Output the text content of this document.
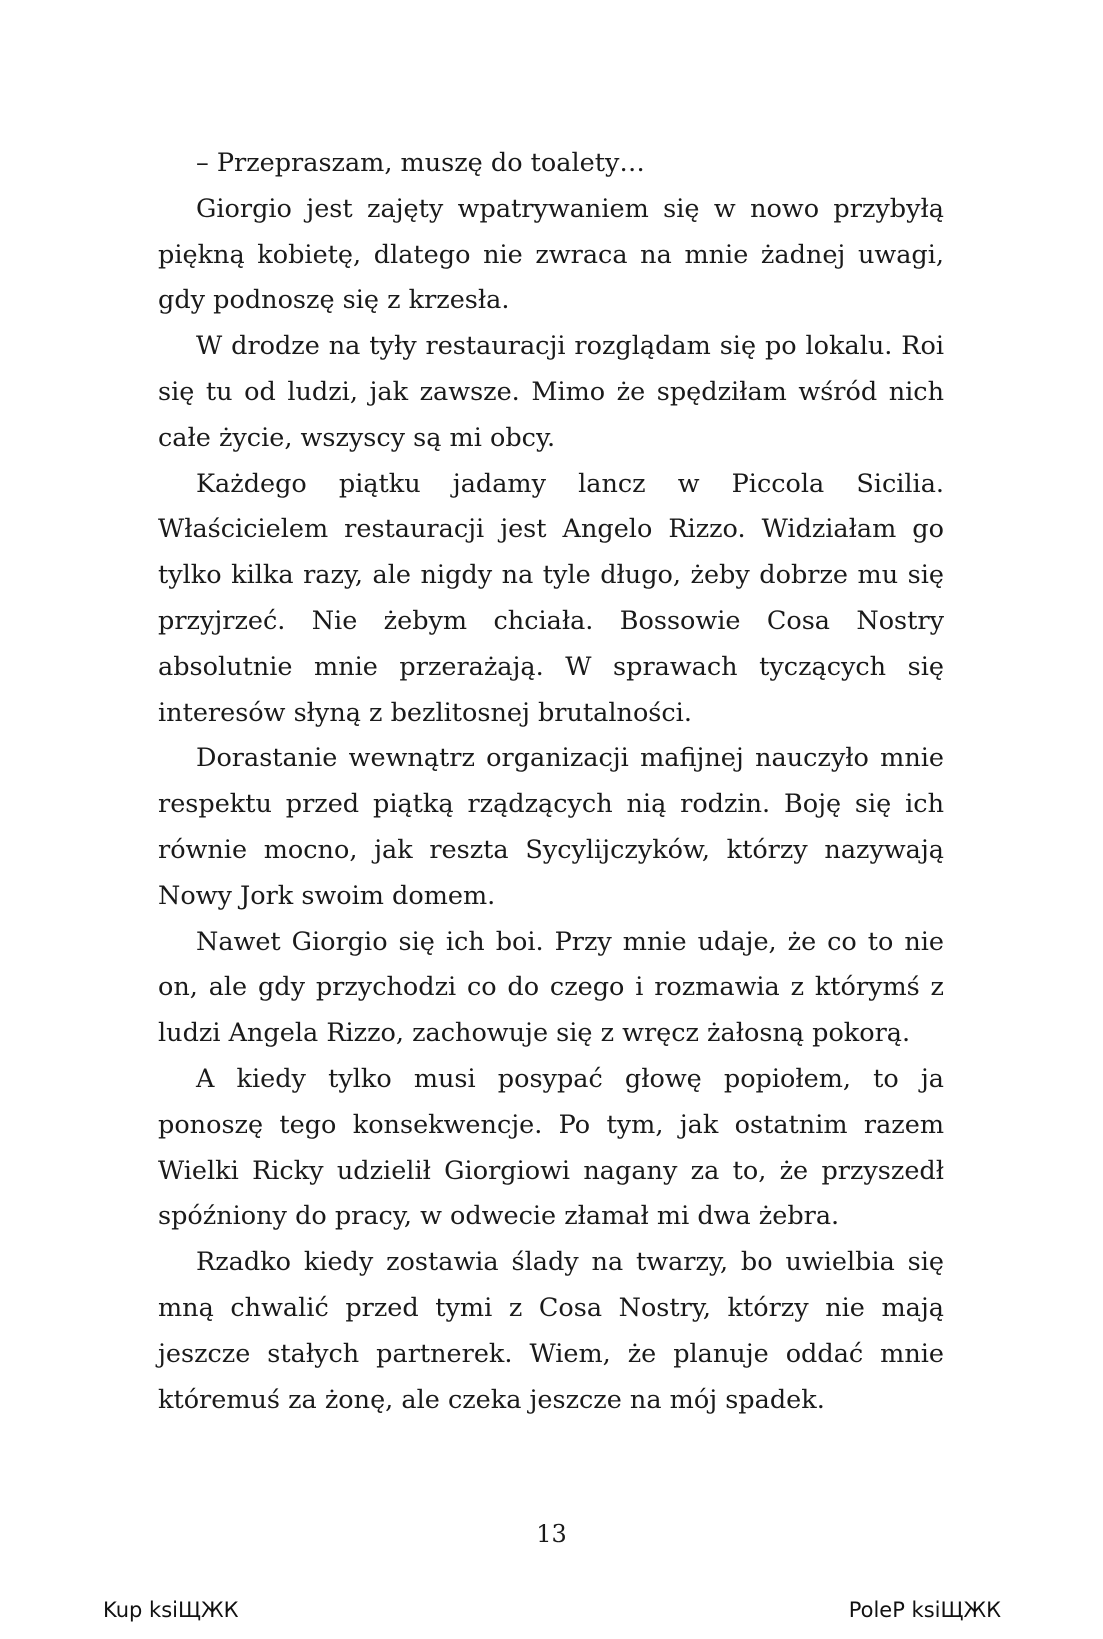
– Przepraszam, muszę do toalety…

Giorgio jest zajęty wpatrywaniem się w nowo przybyłą piękną kobietę, dlatego nie zwraca na mnie żadnej uwagi, gdy podnoszę się z krzesła.

W drodze na tyły restauracji rozglądam się po lokalu. Roi się tu od ludzi, jak zawsze. Mimo że spędziłam wśród nich całe życie, wszyscy są mi obcy.

Każdego piątku jadamy lancz w Piccola Sicilia. Właścicielem restauracji jest Angelo Rizzo. Widziałam go tylko kilka razy, ale nigdy na tyle długo, żeby dobrze mu się przyjrzeć. Nie żebym chciała. Bossowie Cosa Nostry absolutnie mnie przerażają. W sprawach tyczących się interesów słyną z bezlitosnej brutalności.

Dorastanie wewnątrz organizacji mafijnej nauczyło mnie respektu przed piątką rządzących nią rodzin. Boję się ich równie mocno, jak reszta Sycylijczyków, którzy nazywają Nowy Jork swoim domem.

Nawet Giorgio się ich boi. Przy mnie udaje, że co to nie on, ale gdy przychodzi co do czego i rozmawia z którymś z ludzi Angela Rizzo, zachowuje się z wręcz żałosną pokorą.

A kiedy tylko musi posypać głowę popiołem, to ja ponoszę tego konsekwencje. Po tym, jak ostatnim razem Wielki Ricky udzielił Giorgiowi nagany za to, że przyszedł spóźniony do pracy, w odwecie złamał mi dwa żebra.

Rzadko kiedy zostawia ślady na twarzy, bo uwielbia się mną chwalić przed tymi z Cosa Nostry, którzy nie mają jeszcze stałych partnerek. Wiem, że planuje oddać mnie któremuś za żonę, ale czeka jeszcze na mój spadek.

13
Kup ksiЩЖК	PoleР ksiЩЖК
